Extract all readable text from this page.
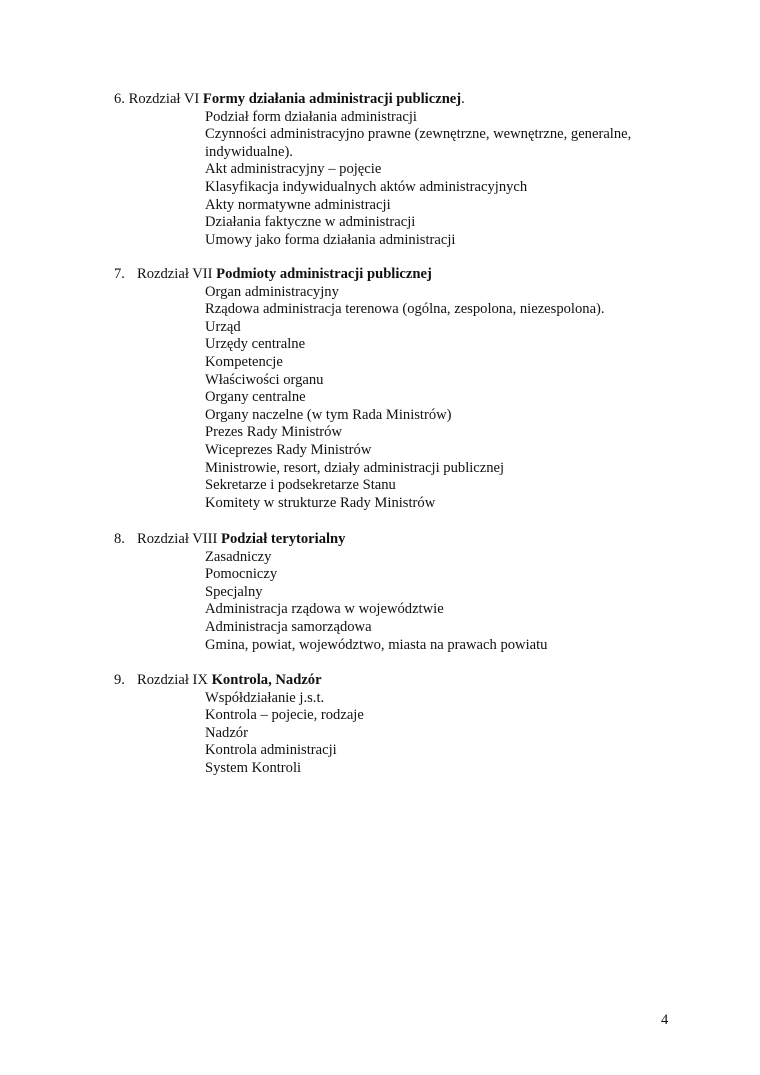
6. Rozdział VI Formy działania administracji publicznej.
Podział form działania administracji
Czynności administracyjno prawne (zewnętrzne, wewnętrzne, generalne, indywidualne).
Akt administracyjny – pojęcie
Klasyfikacja indywidualnych aktów administracyjnych
Akty normatywne administracji
Działania faktyczne w administracji
Umowy jako forma działania administracji
7. Rozdział VII Podmioty administracji publicznej
Organ administracyjny
Rządowa administracja terenowa (ogólna, zespolona, niezespolona).
Urząd
Urzędy centralne
Kompetencje
Właściwości organu
Organy centralne
Organy naczelne (w tym Rada Ministrów)
Prezes Rady Ministrów
Wiceprezes Rady Ministrów
Ministrowie, resort, działy administracji publicznej
Sekretarze i podsekretarze Stanu
Komitety w strukturze Rady Ministrów
8. Rozdział VIII Podział terytorialny
Zasadniczy
Pomocniczy
Specjalny
Administracja rządowa w województwie
Administracja samorządowa
Gmina, powiat, województwo, miasta na prawach powiatu
9. Rozdział IX Kontrola, Nadzór
Współdziałanie j.s.t.
Kontrola – pojecie, rodzaje
Nadzór
Kontrola administracji
System Kontroli
4
